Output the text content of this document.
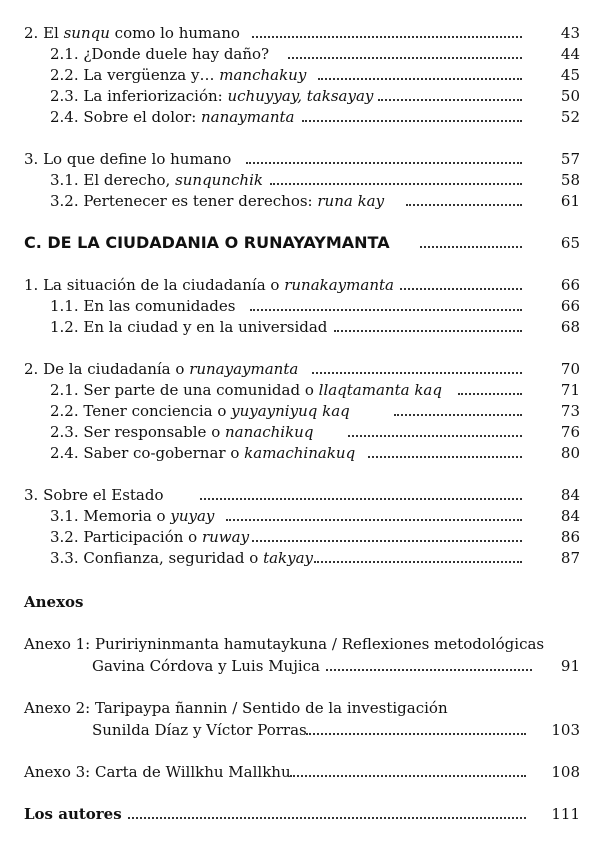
2. El sunqu como lo humano	43
2.1. ¿Donde duele hay daño?	44
2.2. La vergüenza y… manchakuy	45
2.3. La inferiorización: uchuyyay, taksayay	50
2.4. Sobre el dolor: nanaymanta	52
3. Lo que define lo humano	57
3.1. El derecho, sunqunchik	58
3.2. Pertenecer es tener derechos: runa kay	61
C. DE LA CIUDADANIA O RUNAYAYMANTA	65
1. La situación de la ciudadanía o runakaymanta	66
1.1. En las comunidades	66
1.2. En la ciudad y en la universidad	68
2. De la ciudadanía o runayaymanta	70
2.1. Ser parte de una comunidad o llaqtamanta kaq	71
2.2. Tener conciencia o yuyayniyuq kaq	73
2.3. Ser responsable o nanachikuq	76
2.4. Saber co-gobernar o kamachinakuq	80
3. Sobre el Estado	84
3.1. Memoria o yuyay	84
3.2. Participación o ruway	86
3.3. Confianza, seguridad o takyay	87
Anexos
Anexo 1: Puririyninmanta hamutaykuna / Reflexiones metodológicas
Gavina Córdova y Luis Mujica	91
Anexo 2: Taripaypa ñannin / Sentido de la investigación
Sunilda Díaz y Víctor Porras	103
Anexo 3: Carta de Willkhu Mallkhu	108
Los autores	111
